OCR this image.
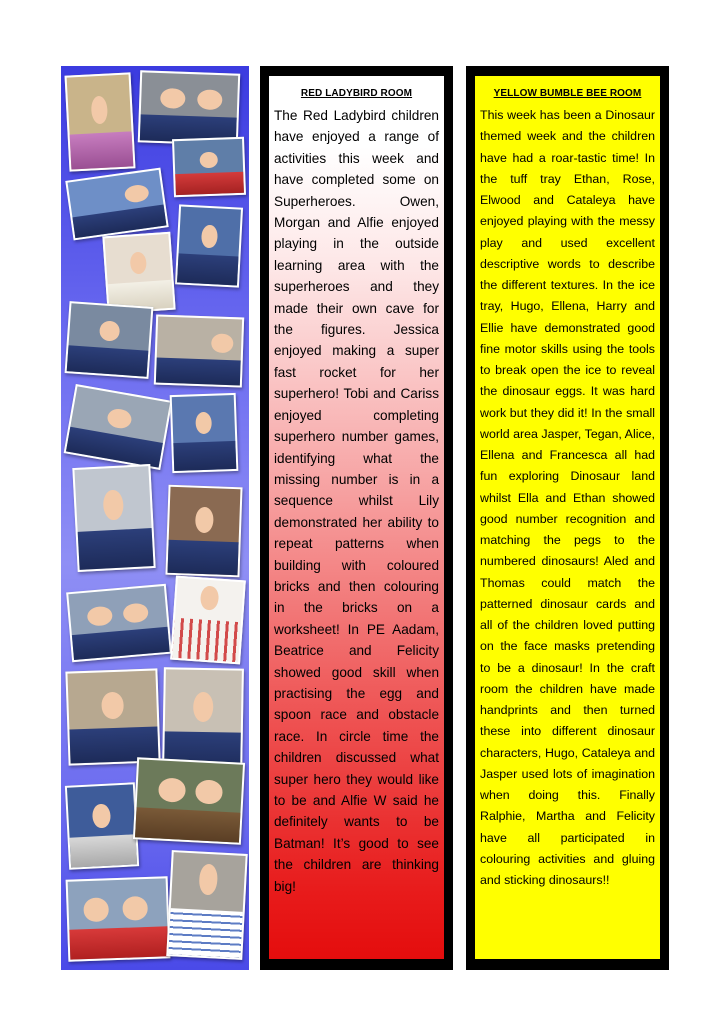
RED LADYBIRD ROOM

The Red Ladybird children have enjoyed a range of activities this week and have completed some on Superheroes. Owen, Morgan and Alfie enjoyed playing in the outside learning area with the superheroes and they made their own cave for the figures. Jessica enjoyed making a super fast rocket for her superhero! Tobi and Cariss enjoyed completing superhero number games, identifying what the missing number is in a sequence whilst Lily demonstrated her ability to repeat patterns when building with coloured bricks and then colouring in the bricks on a worksheet! In PE Aadam, Beatrice and Felicity showed good skill when practising the egg and spoon race and obstacle race. In circle time the children discussed what super hero they would like to be and Alfie W said he definitely wants to be Batman! It’s good to see the children are thinking big!

YELLOW BUMBLE BEE ROOM

This week has been a Dinosaur themed week and the children have had a roar-tastic time! In the tuff tray Ethan, Rose, Elwood and Cataleya have enjoyed playing with the messy play and used excellent descriptive words to describe the different textures. In the ice tray, Hugo, Ellena, Harry and Ellie have demonstrated good fine motor skills using the tools to break open the ice to reveal the dinosaur eggs. It was hard work but they did it! In the small world area Jasper, Tegan, Alice, Ellena and Francesca all had fun exploring Dinosaur land whilst Ella and Ethan showed good number recognition and matching the pegs to the numbered dinosaurs! Aled and Thomas could match the patterned dinosaur cards and all of the children loved putting on the face masks pretending to be a dinosaur! In the craft room the children have made handprints and then turned these into different dinosaur characters, Hugo, Cataleya and Jasper used lots of imagination when doing this. Finally Ralphie, Martha and Felicity have all participated in colouring activities and gluing and sticking dinosaurs!!
